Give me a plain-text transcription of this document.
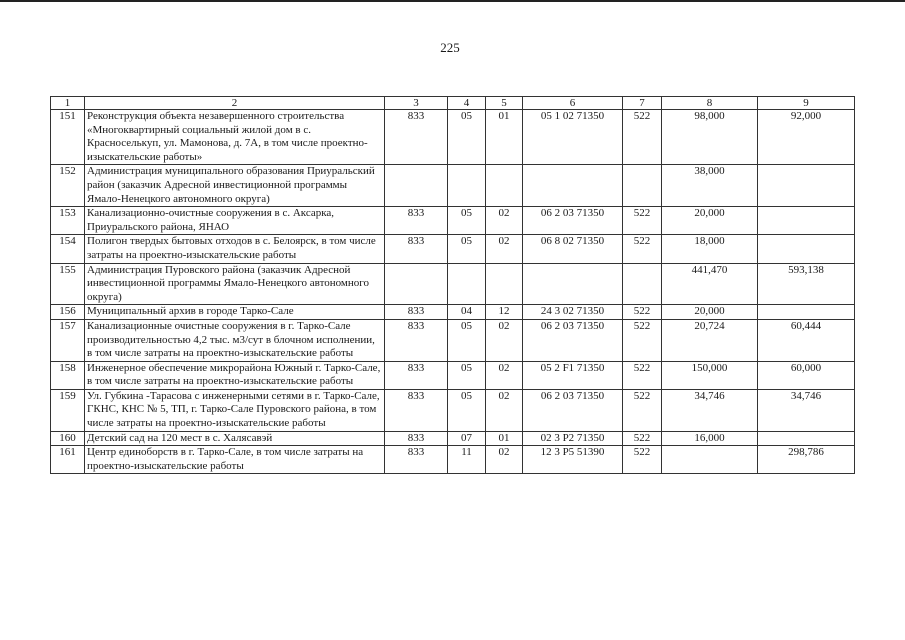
225
1	2	3	4	5	6	7	8	9
151	Реконструкция объекта незавершенного строительства «Многоквартирный социальный жилой дом в с. Красноселькуп, ул. Мамонова, д. 7А, в том числе проектно-изыскательские работы»	833	05	01	05 1 02 71350	522	98,000	92,000
152	Администрация муниципального образования Приуральский район (заказчик Адресной инвестиционной программы Ямало-Ненецкого автономного округа)						38,000	
153	Канализационно-очистные сооружения в с. Аксарка, Приуральского района, ЯНАО	833	05	02	06 2 03 71350	522	20,000	
154	Полигон твердых бытовых отходов в с. Белоярск, в том числе затраты на проектно-изыскательские работы	833	05	02	06 8 02 71350	522	18,000	
155	Администрация Пуровского района (заказчик Адресной инвестиционной программы Ямало-Ненецкого автономного округа)						441,470	593,138
156	Муниципальный архив в городе Тарко-Сале	833	04	12	24 3 02 71350	522	20,000	
157	Канализационные очистные сооружения в г. Тарко-Сале производительностью 4,2 тыс. м3/сут в блочном исполнении, в том числе затраты на проектно-изыскательские работы	833	05	02	06 2 03 71350	522	20,724	60,444
158	Инженерное обеспечение микрорайона Южный г. Тарко-Сале, в том числе затраты на проектно-изыскательские работы	833	05	02	05 2 F1 71350	522	150,000	60,000
159	Ул. Губкина -Тарасова с инженерными сетями в г. Тарко-Сале, ГКНС, КНС № 5, ТП, г. Тарко-Сале Пуровского района, в том числе затраты на проектно-изыскательские работы	833	05	02	06 2 03 71350	522	34,746	34,746
160	Детский сад на 120 мест в с. Халясавэй	833	07	01	02 3 P2 71350	522	16,000	
161	Центр единоборств в г. Тарко-Сале, в том числе затраты на проектно-изыскательские работы	833	11	02	12 3 P5 51390	522		298,786
